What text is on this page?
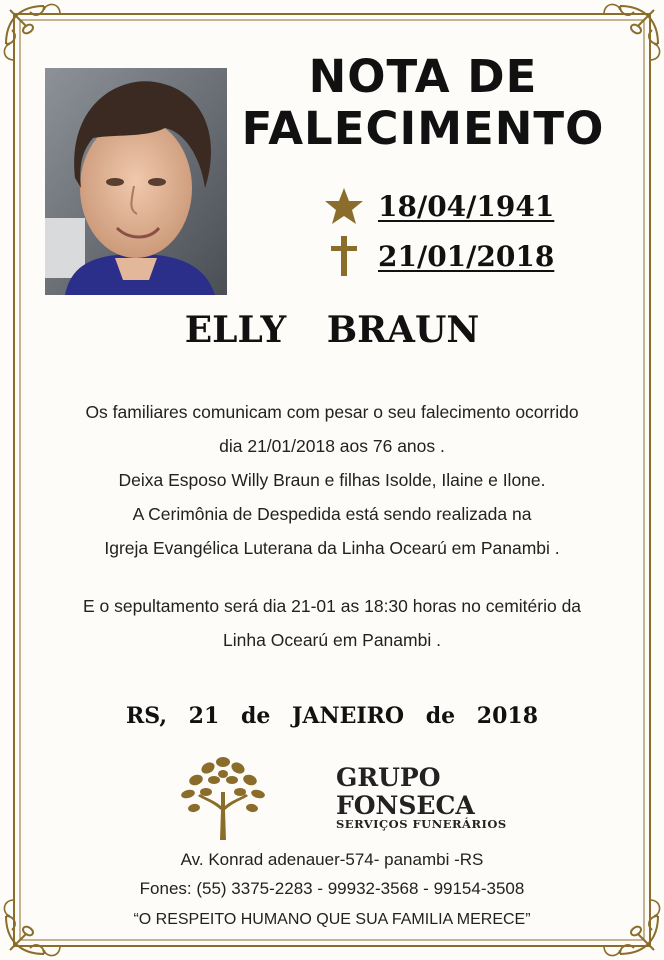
NOTA DE
FALECIMENTO
18/04/1941
21/01/2018
ELLY BRAUN
Os familiares comunicam com pesar o seu falecimento ocorrido
dia 21/01/2018 aos 76 anos .
Deixa Esposo Willy Braun e filhas Isolde, Ilaine e Ilone.
A Cerimônia de Despedida está sendo realizada na
Igreja Evangélica Luterana da Linha Ocearú em Panambi .
E o sepultamento será dia 21-01 as 18:30 horas no cemitério da
Linha Ocearú em Panambi .
RS, 21 de JANEIRO de 2018
GRUPO
FONSECA
SERVIÇOS FUNERÁRIOS
Av. Konrad adenauer-574- panambi -RS
Fones: (55) 3375-2283 - 99932-3568 - 99154-3508
“O RESPEITO HUMANO QUE SUA FAMILIA MERECE”
